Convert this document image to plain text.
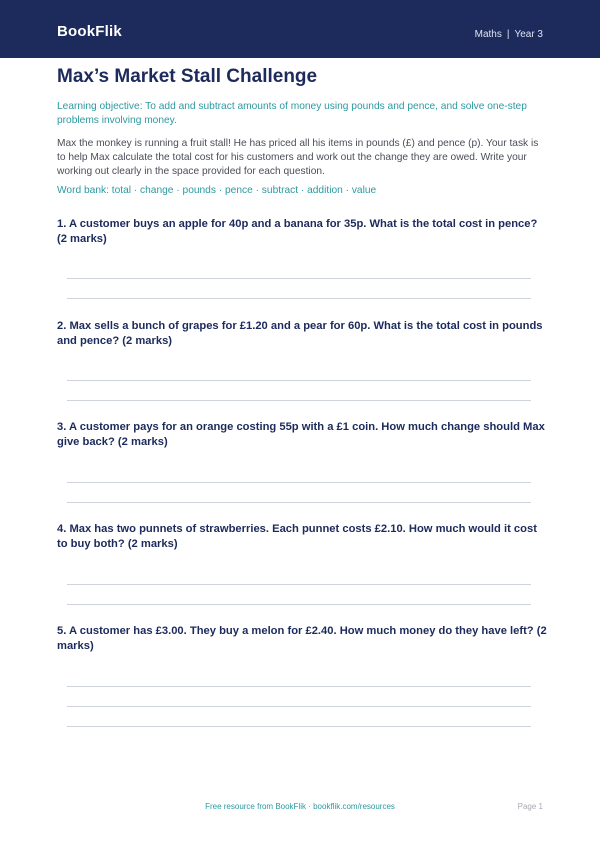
BookFlik	Maths | Year 3
Max’s Market Stall Challenge
Learning objective: To add and subtract amounts of money using pounds and pence, and solve one-step problems involving money.
Max the monkey is running a fruit stall! He has priced all his items in pounds (£) and pence (p). Your task is to help Max calculate the total cost for his customers and work out the change they are owed. Write your working out clearly in the space provided for each question.
Word bank: total · change · pounds · pence · subtract · addition · value
1. A customer buys an apple for 40p and a banana for 35p. What is the total cost in pence? (2 marks)
2. Max sells a bunch of grapes for £1.20 and a pear for 60p. What is the total cost in pounds and pence? (2 marks)
3. A customer pays for an orange costing 55p with a £1 coin. How much change should Max give back? (2 marks)
4. Max has two punnets of strawberries. Each punnet costs £2.10. How much would it cost to buy both? (2 marks)
5. A customer has £3.00. They buy a melon for £2.40. How much money do they have left? (2 marks)
Free resource from BookFlik · bookflik.com/resources	Page 1
